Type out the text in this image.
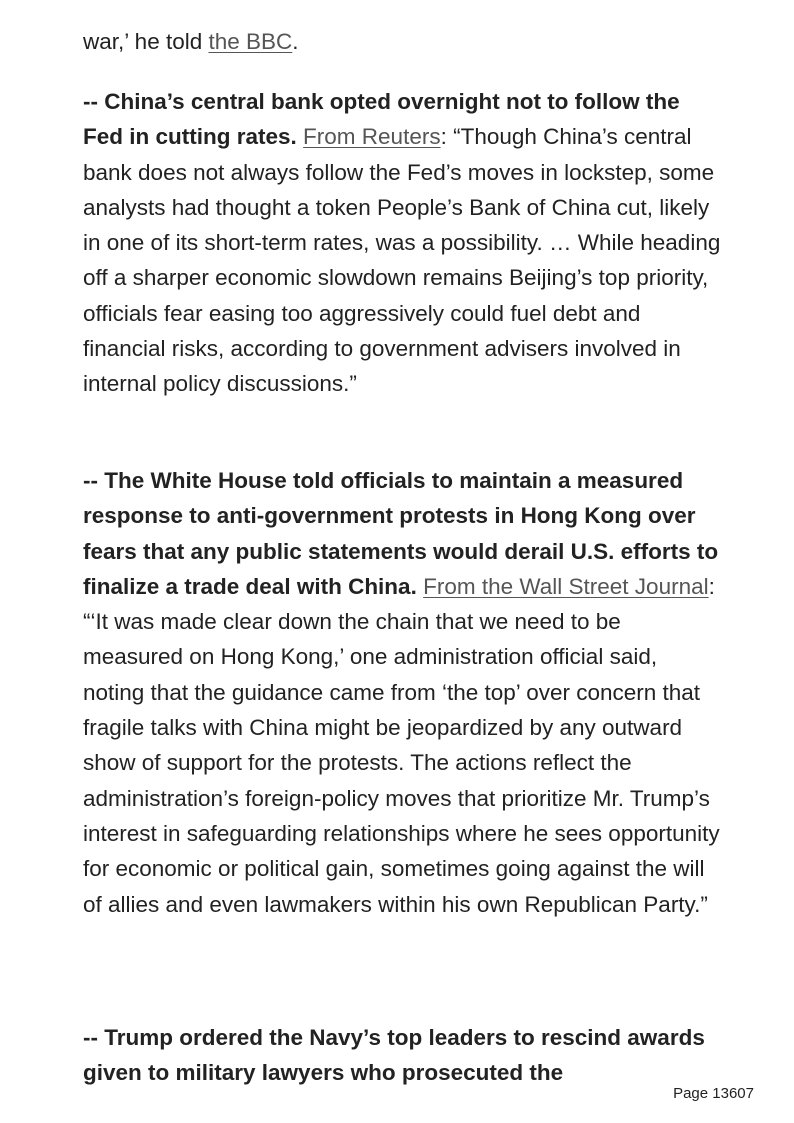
war,’ he told the BBC.

-- China’s central bank opted overnight not to follow the Fed in cutting rates. From Reuters: “Though China’s central bank does not always follow the Fed’s moves in lockstep, some analysts had thought a token People’s Bank of China cut, likely in one of its short-term rates, was a possibility. … While heading off a sharper economic slowdown remains Beijing’s top priority, officials fear easing too aggressively could fuel debt and financial risks, according to government advisers involved in internal policy discussions.”

-- The White House told officials to maintain a measured response to anti-government protests in Hong Kong over fears that any public statements would derail U.S. efforts to finalize a trade deal with China. From the Wall Street Journal: “‘It was made clear down the chain that we need to be measured on Hong Kong,’ one administration official said, noting that the guidance came from ‘the top’ over concern that fragile talks with China might be jeopardized by any outward show of support for the protests. The actions reflect the administration’s foreign-policy moves that prioritize Mr. Trump’s interest in safeguarding relationships where he sees opportunity for economic or political gain, sometimes going against the will of allies and even lawmakers within his own Republican Party.”

-- Trump ordered the Navy’s top leaders to rescind awards given to military lawyers who prosecuted the

Page 13607
